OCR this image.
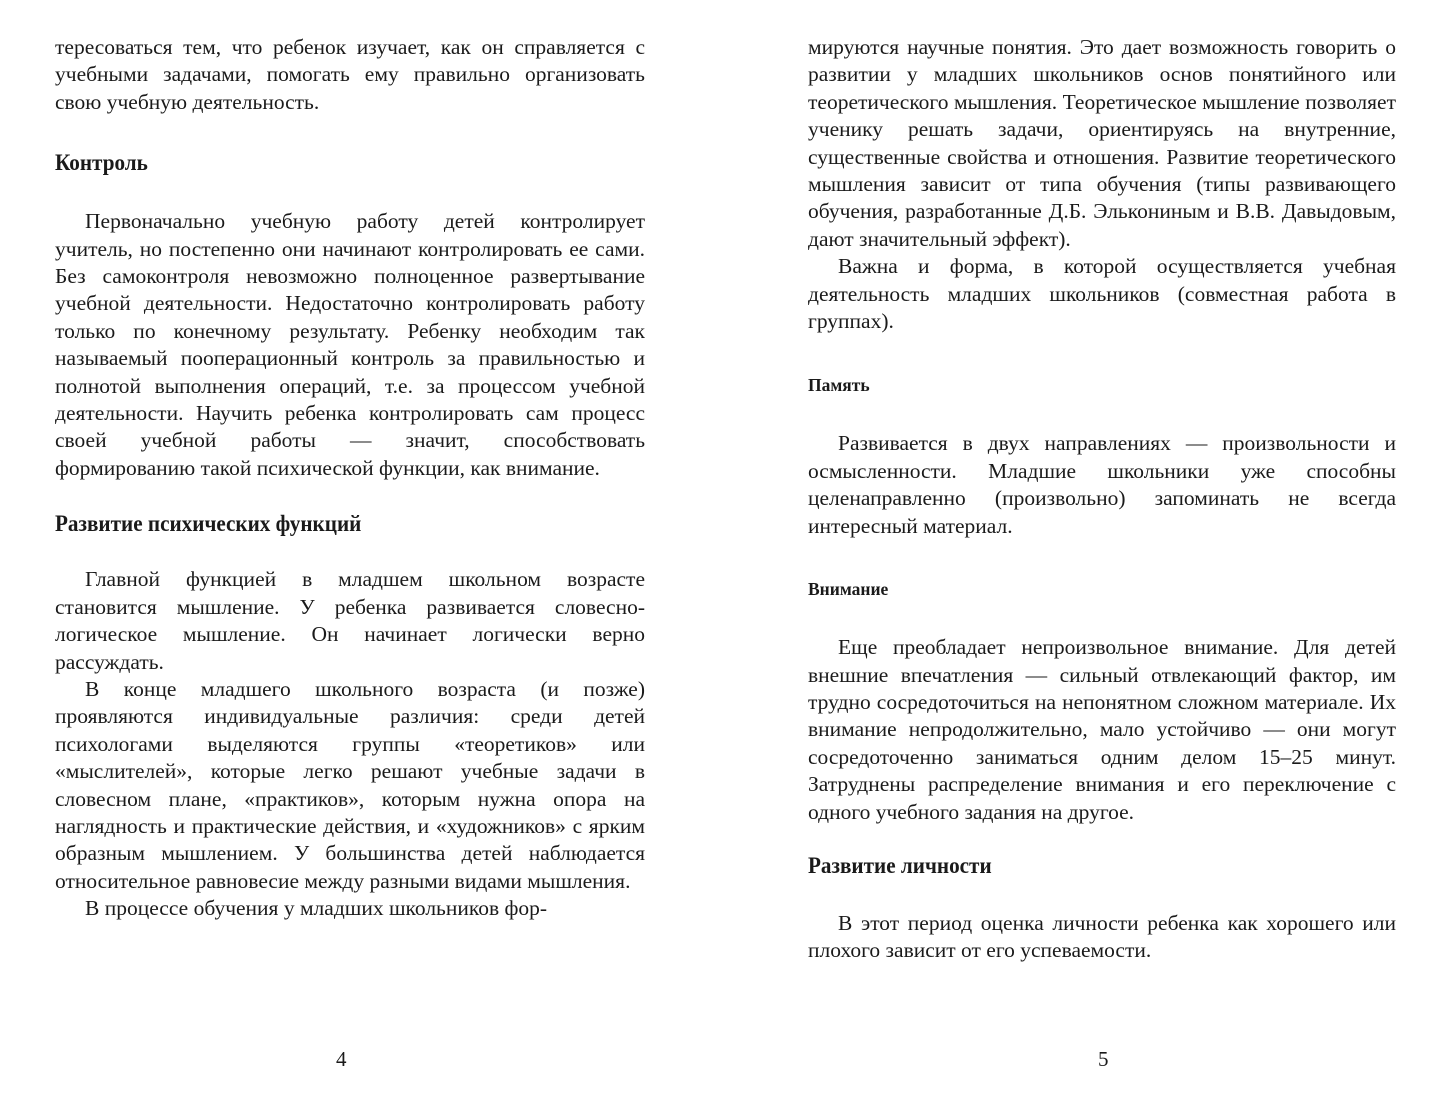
тересоваться тем, что ребенок изучает, как он справляется с учебными задачами, помогать ему правильно организовать свою учебную деятельность.

Контроль

Первоначально учебную работу детей контролирует учитель, но постепенно они начинают контролировать ее сами. Без самоконтроля невозможно полноценное развертывание учебной деятельности. Недостаточно контролировать работу только по конечному результату. Ребенку необходим так называемый пооперационный контроль за правильностью и полнотой выполнения операций, т.е. за процессом учебной деятельности. Научить ребенка контролировать сам процесс своей учебной работы — значит, способствовать формированию такой психической функции, как внимание.

Развитие психических функций

Главной функцией в младшем школьном возрасте становится мышление. У ребенка развивается словесно-логическое мышление. Он начинает логически верно рассуждать.

В конце младшего школьного возраста (и позже) проявляются индивидуальные различия: среди детей психологами выделяются группы «теоретиков» или «мыслителей», которые легко решают учебные задачи в словесном плане, «практиков», которым нужна опора на наглядность и практические действия, и «художников» с ярким образным мышлением. У большинства детей наблюдается относительное равновесие между разными видами мышления.

В процессе обучения у младших школьников фор-

4

мируются научные понятия. Это дает возможность говорить о развитии у младших школьников основ понятийного или теоретического мышления. Теоретическое мышление позволяет ученику решать задачи, ориентируясь на внутренние, существенные свойства и отношения. Развитие теоретического мышления зависит от типа обучения (типы развивающего обучения, разработанные Д.Б. Элькониным и В.В. Давыдовым, дают значительный эффект).

Важна и форма, в которой осуществляется учебная деятельность младших школьников (совместная работа в группах).

Память

Развивается в двух направлениях — произвольности и осмысленности. Младшие школьники уже способны целенаправленно (произвольно) запоминать не всегда интересный материал.

Внимание

Еще преобладает непроизвольное внимание. Для детей внешние впечатления — сильный отвлекающий фактор, им трудно сосредоточиться на непонятном сложном материале. Их внимание непродолжительно, мало устойчиво — они могут сосредоточенно заниматься одним делом 15–25 минут. Затруднены распределение внимания и его переключение с одного учебного задания на другое.

Развитие личности

В этот период оценка личности ребенка как хорошего или плохого зависит от его успеваемости.

5
